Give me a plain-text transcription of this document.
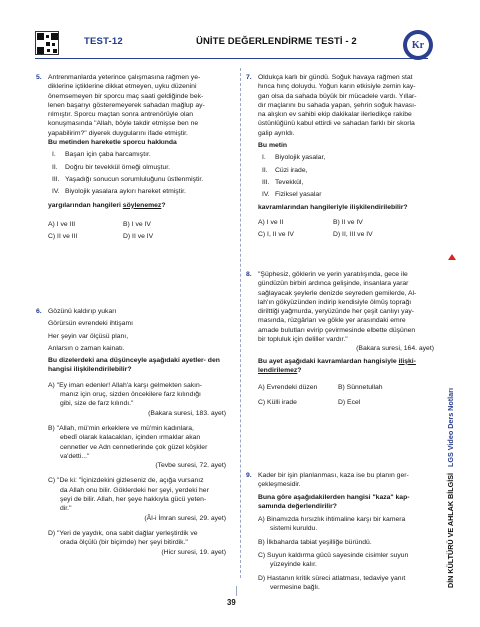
TEST-12	ÜNİTE DEĞERLENDİRME TESTİ - 2	Kr
DİN KÜLTÜRÜ VE AHLAK BİLGİSİ   LGS Video Ders Notları
5. Antrenmanlarda yeterince çalışmasına rağmen ye-

diklerine içtiklerine dikkat etmeyen, uyku düzenini

önemsemeyen bir sporcu maç saati geldiğinde bek-

lenen başarıyı gösteremeyerek sahadan mağlup ay-

rılmıştır. Sporcu maçtan sonra antrenörüyle olan

konuşmasında "Allah, böyle takdir etmişse ben ne

yapabilirim?" diyerek duygularını ifade etmiştir.

Bu metinden hareketle sporcu hakkında

I. Başarı için çaba harcamıştır.

II. Doğru bir tevekkül örneği olmuştur.

III. Yaşadığı sonucun sorumluluğunu üstlenmiştir.

IV. Biyolojik yasalara aykırı hareket etmiştir.

yargılarından hangileri söylenemez?

A) I ve III	B) I ve IV
C) II ve III	D) II ve IV
6. Gözünü kaldırıp yukarı

Görürsün evrendeki ihtişamı

Her şeyin var ölçüsü planı,

Anlarsın o zaman kainatı.

Bu dizelerdeki ana düşünceyle aşağıdaki ayetler- den hangisi ilişkilendirilebilir?

A) "Ey iman edenler! Allah'a karşı gelmekten sakın-

manız için oruç, sizden öncekilere farz kılındığı

gibi, size de farz kılındı."

(Bakara suresi, 183. ayet)

B) "Allah, mü'min erkeklere ve mü'min kadınlara,

ebedî olarak kalacakları, içinden ırmaklar akan

cennetler ve Adn cennetlerinde çok güzel köşkler

va'detti..."

(Tevbe suresi, 72. ayet)

C) "De ki: "İçinizdekini gizleseniz de, açığa vursanız

da Allah onu bilir. Göklerdeki her şeyi, yerdeki her

şeyi de bilir. Allah, her şeye hakkıyla gücü yeten-

dir."

(Âl-i İmran suresi, 29. ayet)

D) "Yeri de yaydık, ona sabit dağlar yerleştirdik ve

orada ölçülü (bir biçimde) her şeyi bitirdik."

(Hicr suresi, 19. ayet)

7. Oldukça karlı bir gündü. Soğuk havaya rağmen stat

hıncа hınç doluydu. Yoğun karın etkisiyle zemin kay-

gan olsa da sahada büyük bir mücadele vardı. Yıllar-

dır maçlarını bu sahada yapan, şehrin soğuk havası-

na alışkın ev sahibi ekip dakikalar ilerledikçe rakibe

üstünlüğünü kabul ettirdi ve sahadan farklı bir skorla

galip ayrıldı.

Bu metin

I. Biyolojik yasalar,

II. Cüzi irade,

III. Tevekkül,

IV. Fiziksel yasalar

kavramlarından hangileriyle ilişkilendirilebilir?

A) I ve II	B) II ve IV
C) I, II ve IV	D) II, III ve IV
8. "Şüphesiz, göklerin ve yerin yaratılışında, gece ile

gündüzün birbiri ardınca gelişinde, insanlara yarar

sağlayacak şeylerle denizde seyreden gemilerde, Al-

lah'ın gökyüzünden indirip kendisiyle ölmüş toprağı

dirilttiği yağmurda, yeryüzünde her çeşit canlıyı yay-

masında, rüzgârları ve gökle yer arasındaki emre

amade bulutları evirip çevirmesinde elbette düşünen

bir topluluk için deliller vardır."

(Bakara suresi, 164. ayet)

Bu ayet aşağıdaki kavramlardan hangisiyle ilişki-
lendirilemez?

A) Evrendeki düzen	B) Sünnetullah
C) Külli irade	D) Ecel
9. Kader bir işin planlanması, kaza ise bu planın ger-

çekleşmesidir.

Buna göre aşağıdakilerden hangisi "kaza" kap- samında değerlendirilir?

A) Binamızda hırsızlık ihtimaline karşı bir kamera

sistemi kuruldu.

B) İlkbaharda tabiat yeşilliğe büründü.

C) Suyun kaldırma gücü sayesinde cisimler suyun

yüzeyinde kalır.

D) Hastanın kritik süreci atlatması, tedaviye yanıt

vermesine bağlı.

39
